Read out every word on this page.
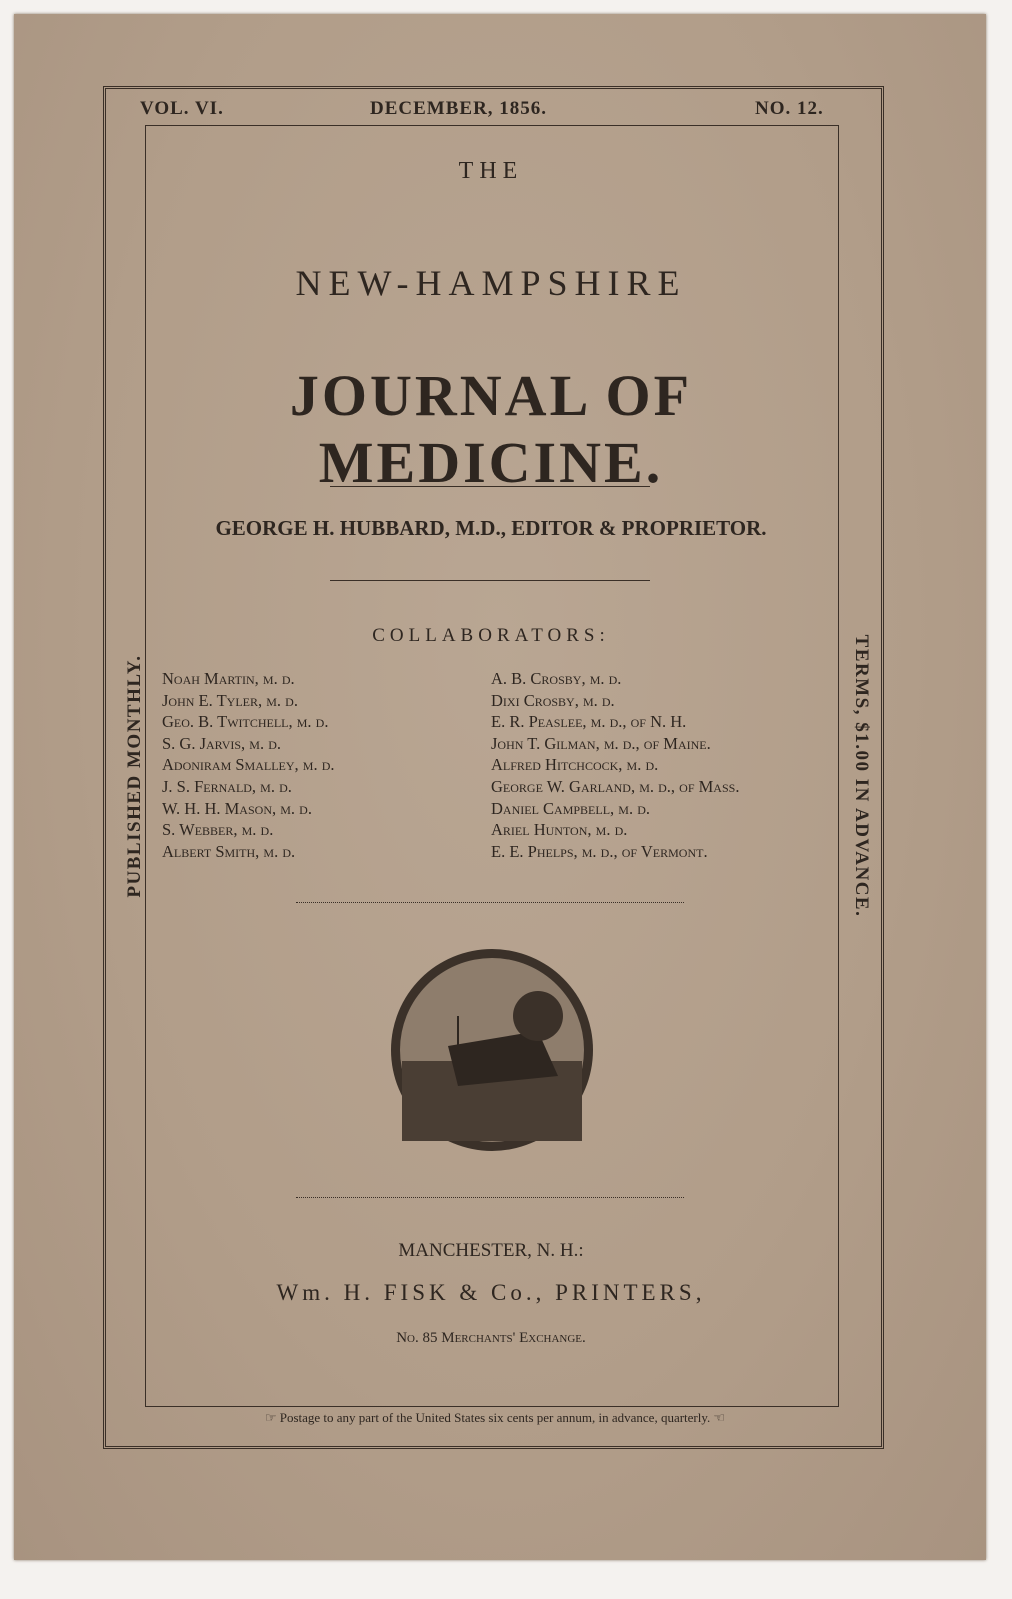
VOL. VI.	DECEMBER, 1856.	NO. 12.
THE
NEW-HAMPSHIRE
JOURNAL OF MEDICINE.
GEORGE H. HUBBARD, M.D., EDITOR & PROPRIETOR.
COLLABORATORS:
Noah Martin, m. d.
John E. Tyler, m. d.
Geo. B. Twitchell, m. d.
S. G. Jarvis, m. d.
Adoniram Smalley, m. d.
J. S. Fernald, m. d.
W. H. H. Mason, m. d.
S. Webber, m. d.
Albert Smith, m. d.
A. B. Crosby, m. d.
Dixi Crosby, m. d.
E. R. Peaslee, m. d., of N. H.
John T. Gilman, m. d., of Maine.
Alfred Hitchcock, m. d.
George W. Garland, m. d., of Mass.
Daniel Campbell, m. d.
Ariel Hunton, m. d.
E. E. Phelps, m. d., of Vermont.
PUBLISHED MONTHLY.	TERMS, $1.00 IN ADVANCE.
MANCHESTER, N. H.:
Wm. H. FISK & Co., PRINTERS,
No. 85 Merchants' Exchange.
☞ Postage to any part of the United States six cents per annum, in advance, quarterly. ☜
